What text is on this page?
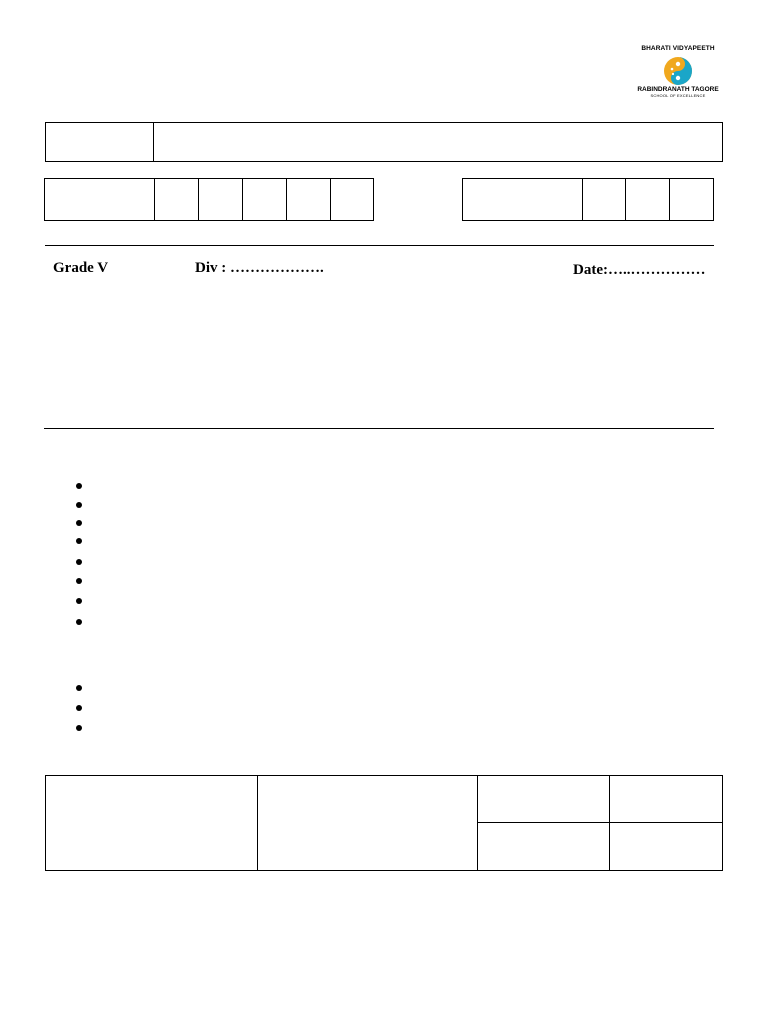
BHARATI VIDYAPEETH
RABINDRANATH TAGORE
SCHOOL OF EXCELLENCE
Grade V	Div : ……………….	Date:…..……………
